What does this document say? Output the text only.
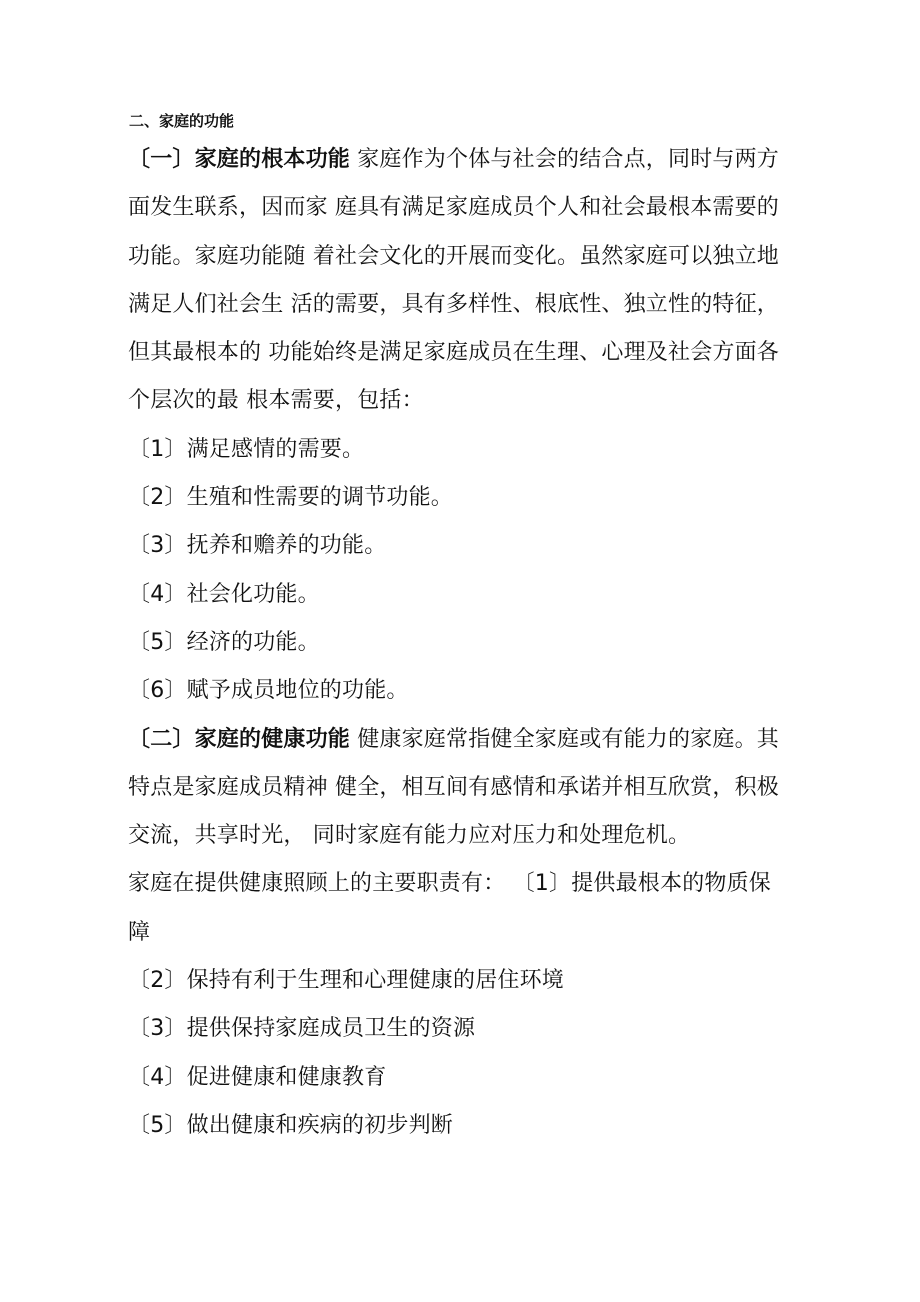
二、家庭的功能
〔一〕家庭的根本功能 家庭作为个体与社会的结合点，同时与两方
面发生联系，因而家 庭具有满足家庭成员个人和社会最根本需要的
功能。家庭功能随 着社会文化的开展而变化。虽然家庭可以独立地
满足人们社会生 活的需要，具有多样性、根底性、独立性的特征，
但其最根本的 功能始终是满足家庭成员在生理、心理及社会方面各
个层次的最 根本需要，包括：
〔1〕满足感情的需要。
〔2〕生殖和性需要的调节功能。
〔3〕抚养和赡养的功能。
〔4〕社会化功能。
〔5〕经济的功能。
〔6〕赋予成员地位的功能。
〔二〕家庭的健康功能 健康家庭常指健全家庭或有能力的家庭。其
特点是家庭成员精神 健全，相互间有感情和承诺并相互欣赏，积极
交流，共享时光， 同时家庭有能力应对压力和处理危机。
家庭在提供健康照顾上的主要职责有： 〔1〕提供最根本的物质保
障
〔2〕保持有利于生理和心理健康的居住环境
〔3〕提供保持家庭成员卫生的资源
〔4〕促进健康和健康教育
〔5〕做出健康和疾病的初步判断
